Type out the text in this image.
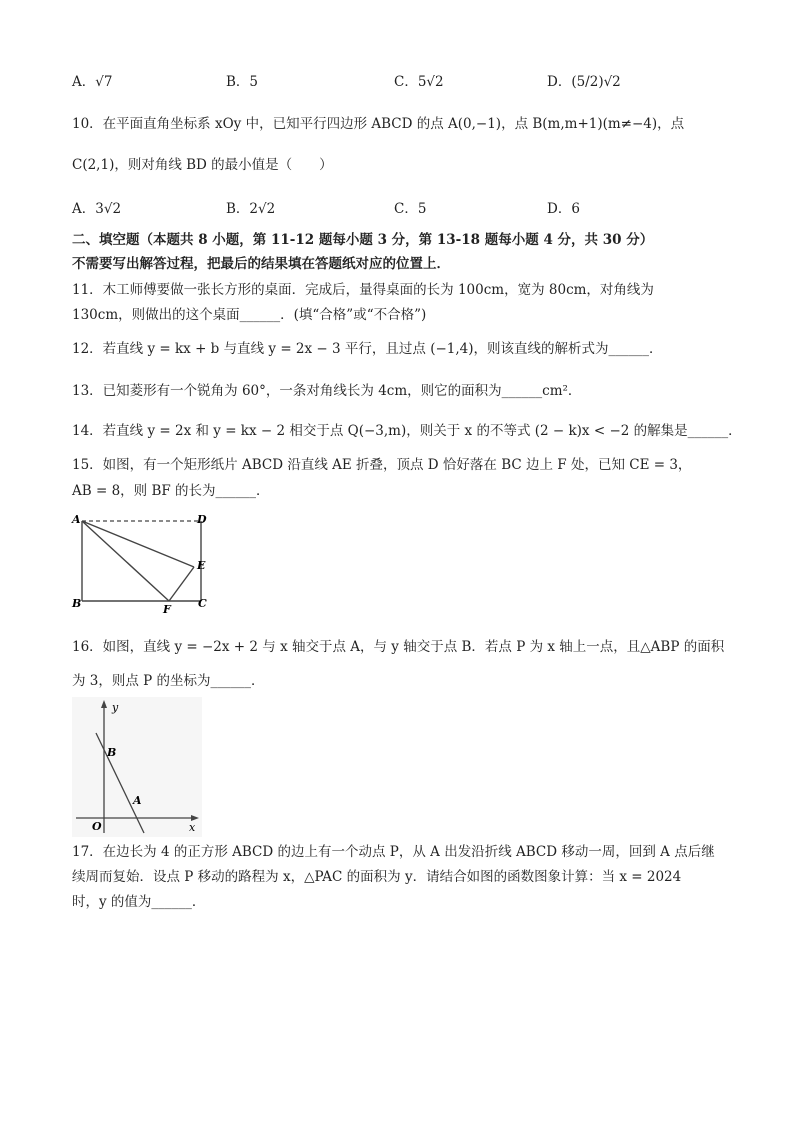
A．√7	B．5	C．5√2	D．(5/2)√2
10．在平面直角坐标系 xOy 中，已知平行四边形 ABCD 的点 A(0,−1)，点 B(m,m+1)(m≠−4)，点
C(2,1)，则对角线 BD 的最小值是（　　）
A．3√2	B．2√2	C．5	D．6
二、填空题（本题共 8 小题，第 11-12 题每小题 3 分，第 13-18 题每小题 4 分，共 30 分）
不需要写出解答过程，把最后的结果填在答题纸对应的位置上．
11．木工师傅要做一张长方形的桌面．完成后，量得桌面的长为 100cm，宽为 80cm，对角线为
130cm，则做出的这个桌面______．(填“合格”或“不合格”)
12．若直线 y = kx + b 与直线 y = 2x − 3 平行，且过点 (−1,4)，则该直线的解析式为______．
13．已知菱形有一个锐角为 60°，一条对角线长为 4cm，则它的面积为______cm²．
14．若直线 y = 2x 和 y = kx − 2 相交于点 Q(−3,m)，则关于 x 的不等式 (2 − k)x < −2 的解集是______．
15．如图，有一个矩形纸片 ABCD 沿直线 AE 折叠，顶点 D 恰好落在 BC 边上 F 处，已知 CE = 3，
AB = 8，则 BF 的长为______．
A	D
E
B	F C
16．如图，直线 y = −2x + 2 与 x 轴交于点 A，与 y 轴交于点 B．若点 P 为 x 轴上一点，且△ABP 的面积
为 3，则点 P 的坐标为______．
y
B
A
O	x
17．在边长为 4 的正方形 ABCD 的边上有一个动点 P，从 A 出发沿折线 ABCD 移动一周，回到 A 点后继
续周而复始．设点 P 移动的路程为 x，△PAC 的面积为 y．请结合如图的函数图象计算：当 x = 2024
时，y 的值为______．
